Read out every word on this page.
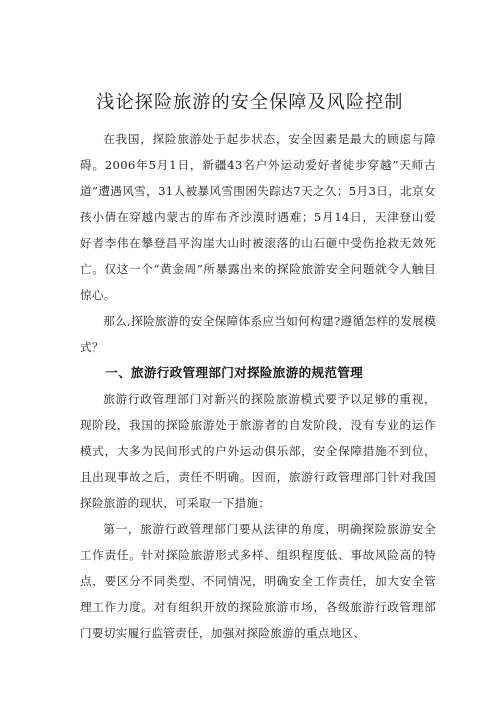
浅论探险旅游的安全保障及风险控制

在我国，探险旅游处于起步状态，安全因素是最大的顾虑与障碍。2006年5月1日，新疆43名户外运动爱好者徒步穿越”天师古道”遭遇风雪，31人被暴风雪围困失踪达7天之久；5月3日，北京女孩小倩在穿越内蒙古的库布齐沙漠时遇难；5月14日，天津登山爱好者李伟在攀登昌平沟崖大山时被滚落的山石砸中受伤抢救无效死亡。仅这一个“黄金周”所暴露出来的探险旅游安全问题就令人触目惊心。

那么,探险旅游的安全保障体系应当如何构建?遵循怎样的发展模式？

一、旅游行政管理部门对探险旅游的规范管理

旅游行政管理部门对新兴的探险旅游模式要予以足够的重视，现阶段，我国的探险旅游处于旅游者的自发阶段，没有专业的运作模式，大多为民间形式的户外运动俱乐部，安全保障措施不到位，且出现事故之后，责任不明确。因而，旅游行政管理部门针对我国探险旅游的现状，可采取一下措施：

第一，旅游行政管理部门要从法律的角度，明确探险旅游安全工作责任。针对探险旅游形式多样、组织程度低、事故风险高的特点，要区分不同类型、不同情况，明确安全工作责任，加大安全管理工作力度。对有组织开放的探险旅游市场，各级旅游行政管理部门要切实履行监管责任，加强对探险旅游的重点地区、
